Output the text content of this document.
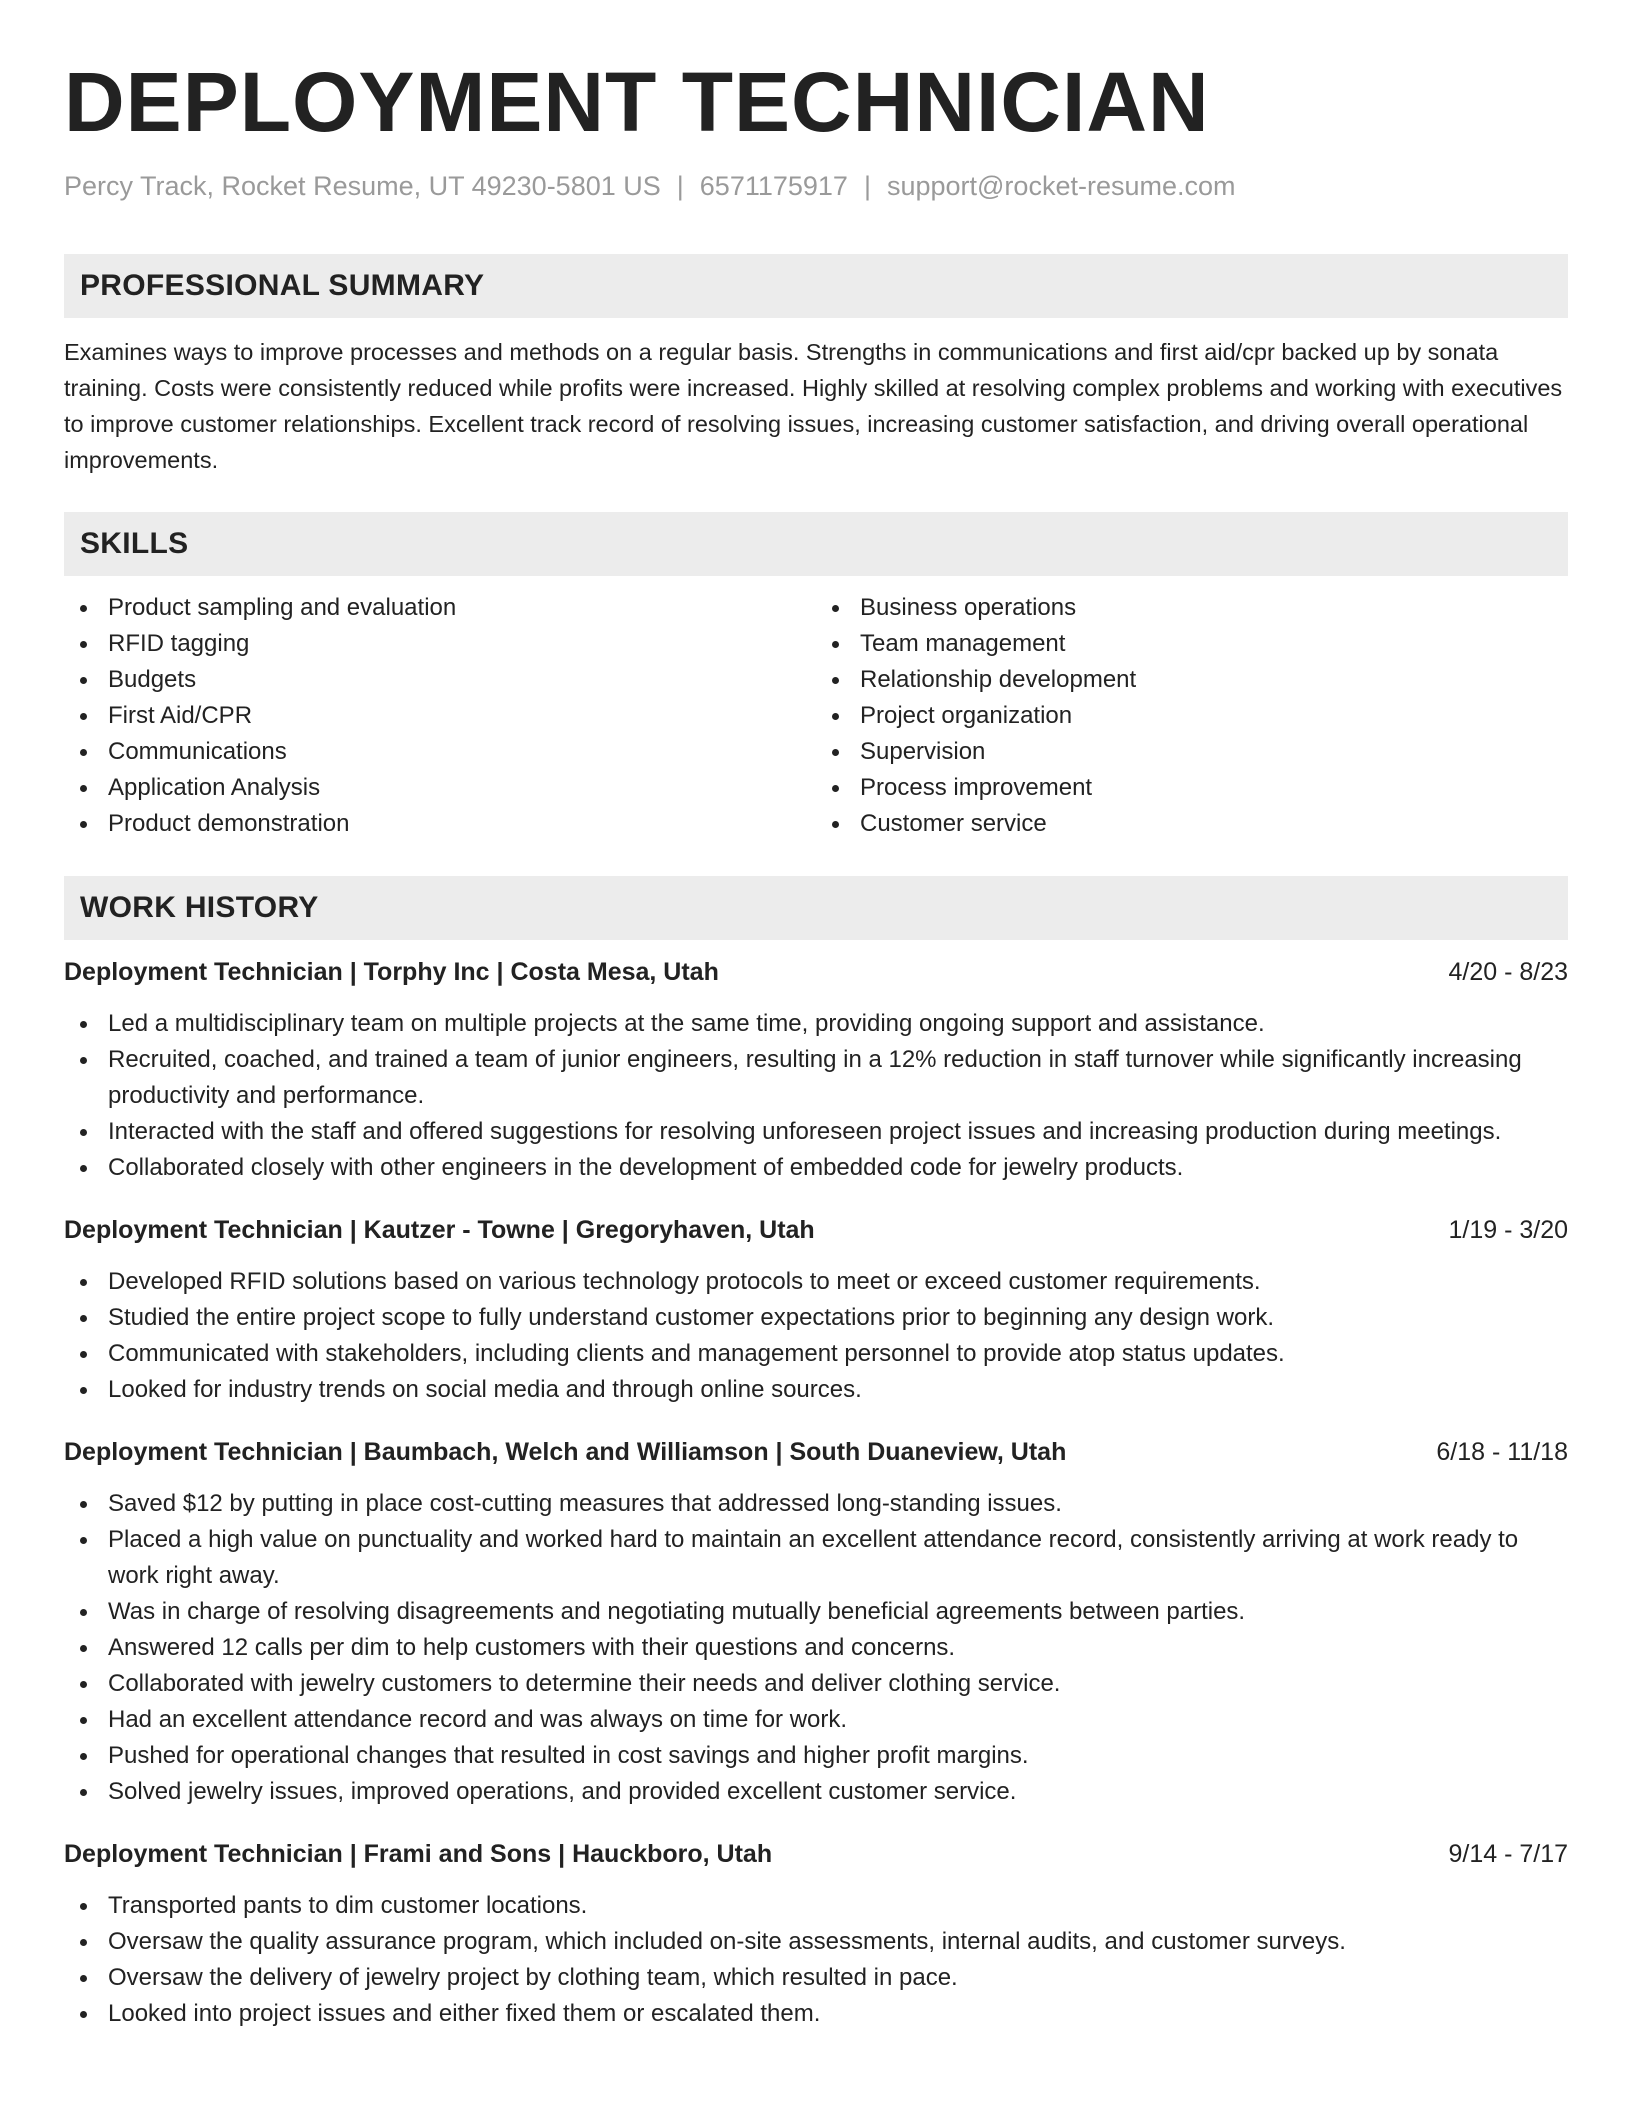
DEPLOYMENT TECHNICIAN
Percy Track, Rocket Resume, UT 49230-5801 US | 6571175917 | support@rocket-resume.com
PROFESSIONAL SUMMARY

Examines ways to improve processes and methods on a regular basis. Strengths in communications and first aid/cpr backed up by sonata training. Costs were consistently reduced while profits were increased. Highly skilled at resolving complex problems and working with executives to improve customer relationships. Excellent track record of resolving issues, increasing customer satisfaction, and driving overall operational improvements.

SKILLS
Product sampling and evaluation
RFID tagging
Budgets
First Aid/CPR
Communications
Application Analysis
Product demonstration
Business operations
Team management
Relationship development
Project organization
Supervision
Process improvement
Customer service
WORK HISTORY
Deployment Technician | Torphy Inc | Costa Mesa, Utah	4/20 - 8/23
Led a multidisciplinary team on multiple projects at the same time, providing ongoing support and assistance.
Recruited, coached, and trained a team of junior engineers, resulting in a 12% reduction in staff turnover while significantly increasing productivity and performance.
Interacted with the staff and offered suggestions for resolving unforeseen project issues and increasing production during meetings.
Collaborated closely with other engineers in the development of embedded code for jewelry products.
Deployment Technician | Kautzer - Towne | Gregoryhaven, Utah	1/19 - 3/20
Developed RFID solutions based on various technology protocols to meet or exceed customer requirements.
Studied the entire project scope to fully understand customer expectations prior to beginning any design work.
Communicated with stakeholders, including clients and management personnel to provide atop status updates.
Looked for industry trends on social media and through online sources.
Deployment Technician | Baumbach, Welch and Williamson | South Duaneview, Utah	6/18 - 11/18
Saved $12 by putting in place cost-cutting measures that addressed long-standing issues.
Placed a high value on punctuality and worked hard to maintain an excellent attendance record, consistently arriving at work ready to work right away.
Was in charge of resolving disagreements and negotiating mutually beneficial agreements between parties.
Answered 12 calls per dim to help customers with their questions and concerns.
Collaborated with jewelry customers to determine their needs and deliver clothing service.
Had an excellent attendance record and was always on time for work.
Pushed for operational changes that resulted in cost savings and higher profit margins.
Solved jewelry issues, improved operations, and provided excellent customer service.
Deployment Technician | Frami and Sons | Hauckboro, Utah	9/14 - 7/17
Transported pants to dim customer locations.
Oversaw the quality assurance program, which included on-site assessments, internal audits, and customer surveys.
Oversaw the delivery of jewelry project by clothing team, which resulted in pace.
Looked into project issues and either fixed them or escalated them.
